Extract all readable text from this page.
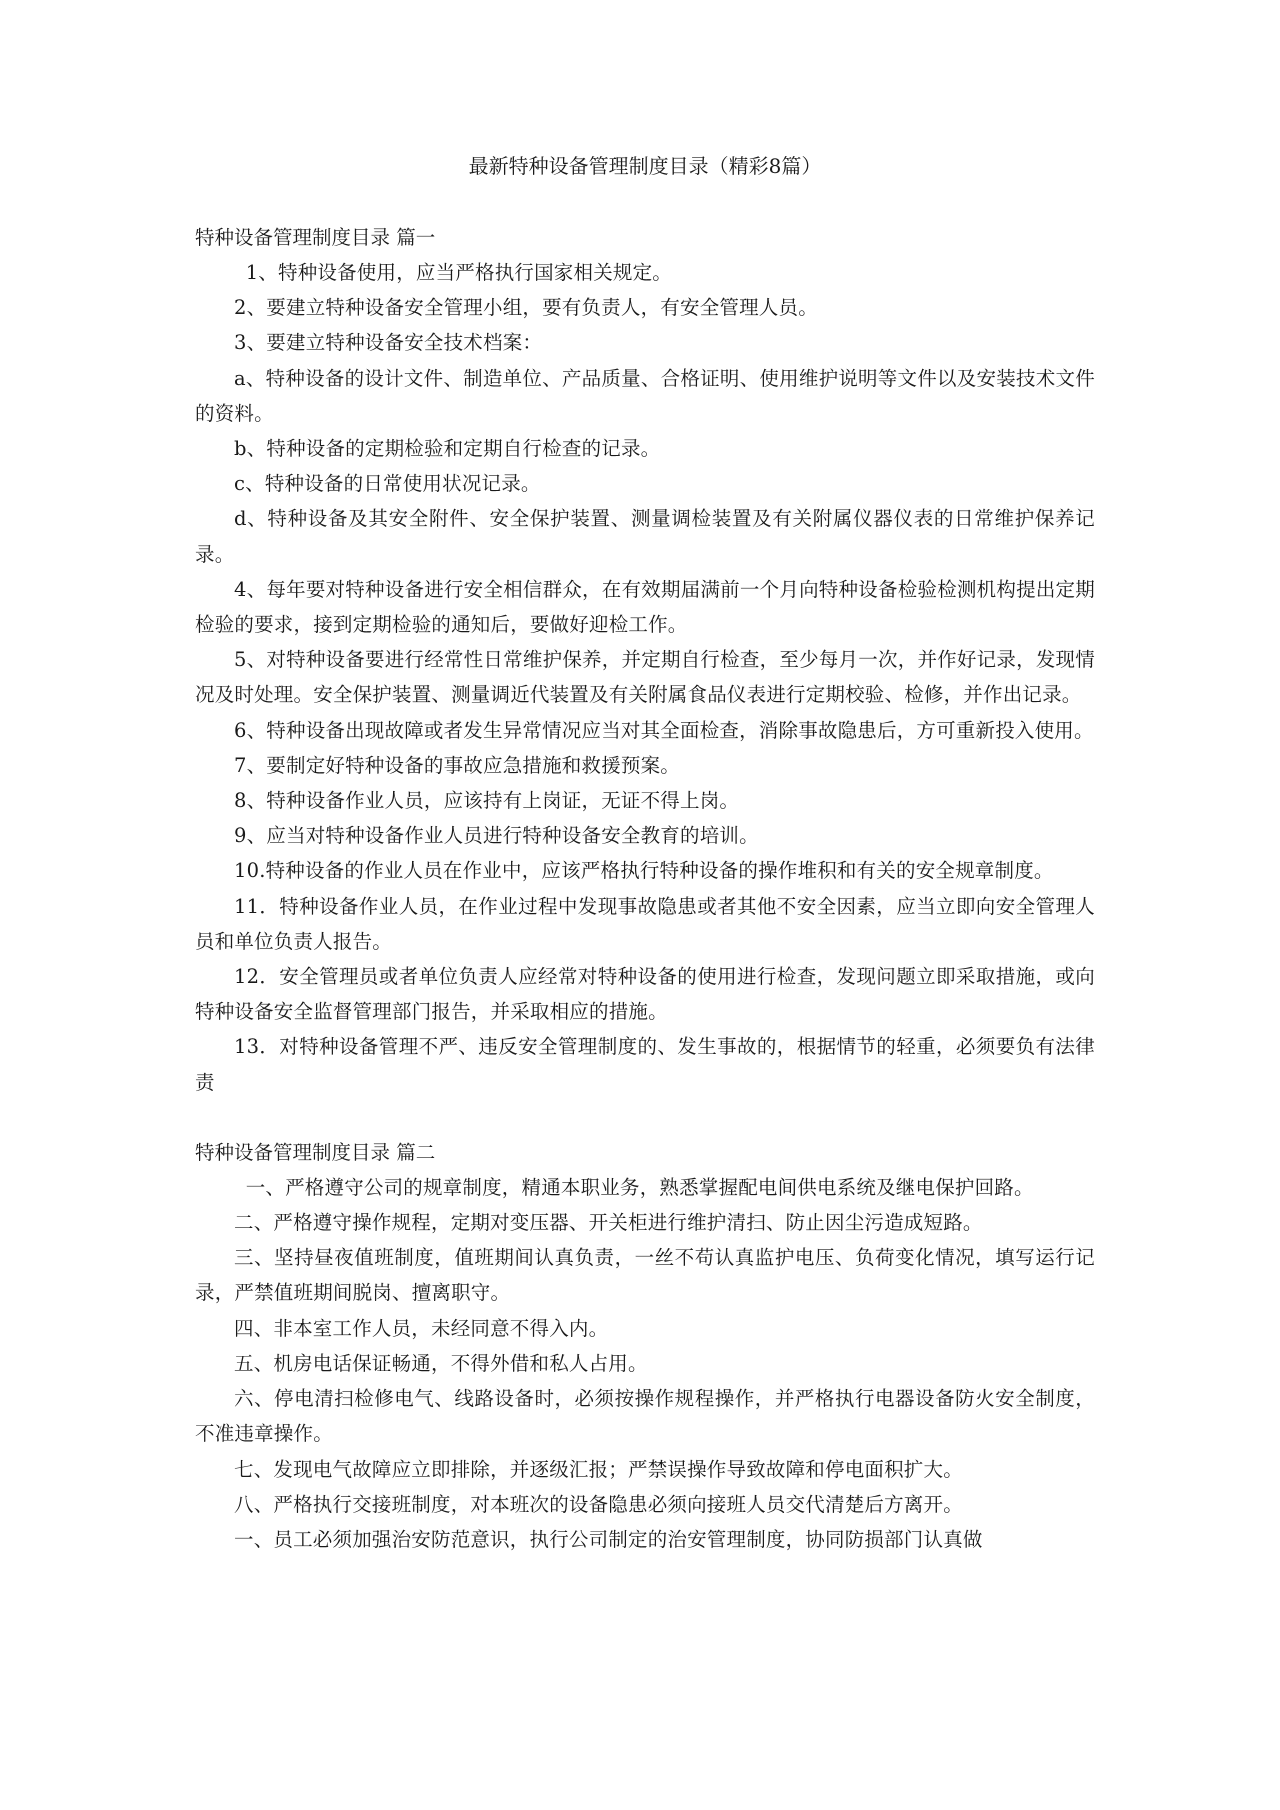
最新特种设备管理制度目录（精彩8篇）
特种设备管理制度目录 篇一

1、特种设备使用，应当严格执行国家相关规定。

2、要建立特种设备安全管理小组，要有负责人，有安全管理人员。

3、要建立特种设备安全技术档案：

a、特种设备的设计文件、制造单位、产品质量、合格证明、使用维护说明等文件以及安装技术文件的资料。

b、特种设备的定期检验和定期自行检查的记录。

c、特种设备的日常使用状况记录。

d、特种设备及其安全附件、安全保护装置、测量调检装置及有关附属仪器仪表的日常维护保养记录。

4、每年要对特种设备进行安全相信群众，在有效期届满前一个月向特种设备检验检测机构提出定期检验的要求，接到定期检验的通知后，要做好迎检工作。

5、对特种设备要进行经常性日常维护保养，并定期自行检查，至少每月一次，并作好记录，发现情况及时处理。安全保护装置、测量调近代装置及有关附属食品仪表进行定期校验、检修，并作出记录。

6、特种设备出现故障或者发生异常情况应当对其全面检查，消除事故隐患后，方可重新投入使用。

7、要制定好特种设备的事故应急措施和救援预案。

8、特种设备作业人员，应该持有上岗证，无证不得上岗。

9、应当对特种设备作业人员进行特种设备安全教育的培训。

10.特种设备的作业人员在作业中，应该严格执行特种设备的操作堆积和有关的安全规章制度。

11．特种设备作业人员，在作业过程中发现事故隐患或者其他不安全因素，应当立即向安全管理人员和单位负责人报告。

12．安全管理员或者单位负责人应经常对特种设备的使用进行检查，发现问题立即采取措施，或向特种设备安全监督管理部门报告，并采取相应的措施。

13．对特种设备管理不严、违反安全管理制度的、发生事故的，根据情节的轻重，必须要负有法律责

特种设备管理制度目录 篇二

一、严格遵守公司的规章制度，精通本职业务，熟悉掌握配电间供电系统及继电保护回路。

二、严格遵守操作规程，定期对变压器、开关柜进行维护清扫、防止因尘污造成短路。

三、坚持昼夜值班制度，值班期间认真负责，一丝不苟认真监护电压、负荷变化情况，填写运行记录，严禁值班期间脱岗、擅离职守。

四、非本室工作人员，未经同意不得入内。

五、机房电话保证畅通，不得外借和私人占用。

六、停电清扫检修电气、线路设备时，必须按操作规程操作，并严格执行电器设备防火安全制度，不准违章操作。

七、发现电气故障应立即排除，并逐级汇报；严禁误操作导致故障和停电面积扩大。

八、严格执行交接班制度，对本班次的设备隐患必须向接班人员交代清楚后方离开。

一、员工必须加强治安防范意识，执行公司制定的治安管理制度，协同防损部门认真做
